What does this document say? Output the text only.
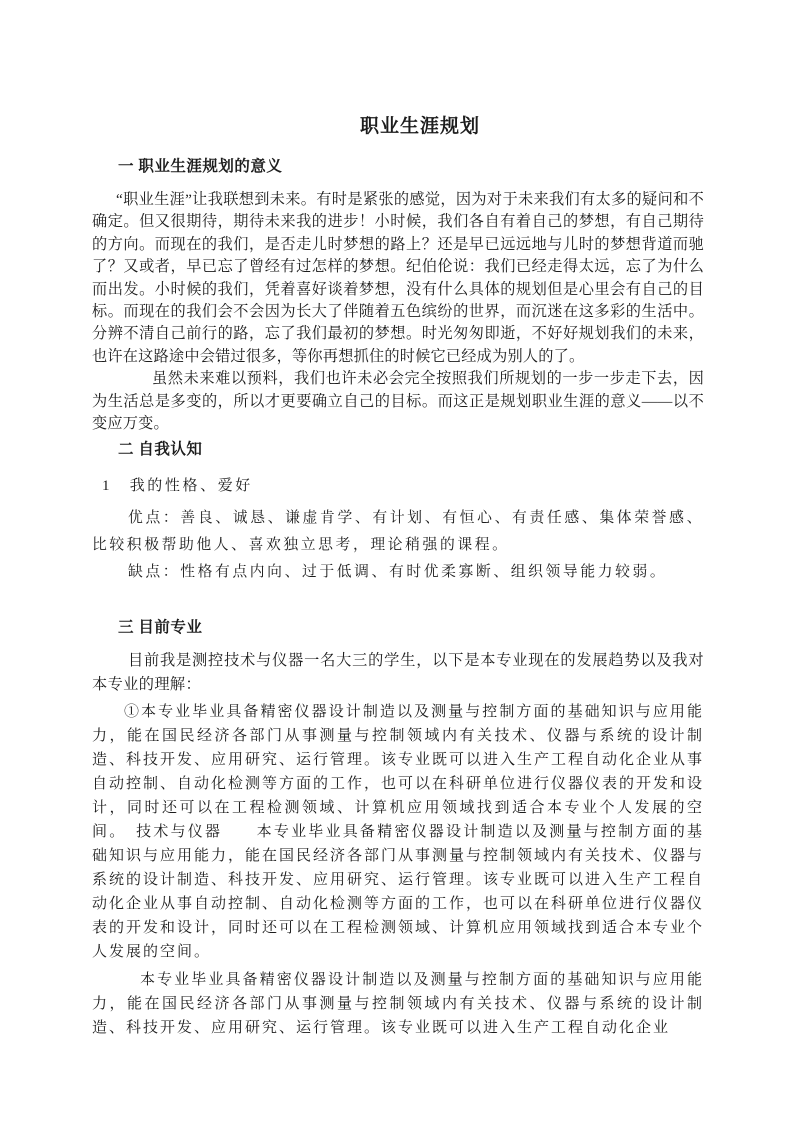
职业生涯规划
一 职业生涯规划的意义

“职业生涯”让我联想到未来。有时是紧张的感觉，因为对于未来我们有太多的疑问和不确定。但又很期待，期待未来我的进步！小时候，我们各自有着自己的梦想，有自己期待的方向。而现在的我们，是否走儿时梦想的路上？还是早已远远地与儿时的梦想背道而驰了？又或者，早已忘了曾经有过怎样的梦想。纪伯伦说：我们已经走得太远，忘了为什么而出发。小时候的我们，凭着喜好谈着梦想，没有什么具体的规划但是心里会有自己的目标。而现在的我们会不会因为长大了伴随着五色缤纷的世界，而沉迷在这多彩的生活中。分辨不清自己前行的路，忘了我们最初的梦想。时光匆匆即逝，不好好规划我们的未来，也许在这路途中会错过很多，等你再想抓住的时候它已经成为别人的了。

虽然未来难以预料，我们也许未必会完全按照我们所规划的一步一步走下去，因为生活总是多变的，所以才更要确立自己的目标。而这正是规划职业生涯的意义——以不变应万变。

二 自我认知
1　我的性格、爱好

优点：善良、诚恳、谦虚肯学、有计划、有恒心、有责任感、集体荣誉感、比较积极帮助他人、喜欢独立思考，理论稍强的课程。

缺点：性格有点内向、过于低调、有时优柔寡断、组织领导能力较弱。

三 目前专业

目前我是测控技术与仪器一名大三的学生，以下是本专业现在的发展趋势以及我对本专业的理解：

①本专业毕业具备精密仪器设计制造以及测量与控制方面的基础知识与应用能力，能在国民经济各部门从事测量与控制领域内有关技术、仪器与系统的设计制造、科技开发、应用研究、运行管理。该专业既可以进入生产工程自动化企业从事自动控制、自动化检测等方面的工作，也可以在科研单位进行仪器仪表的开发和设计，同时还可以在工程检测领域、计算机应用领域找到适合本专业个人发展的空间。　技术与仪器　　本专业毕业具备精密仪器设计制造以及测量与控制方面的基础知识与应用能力，能在国民经济各部门从事测量与控制领域内有关技术、仪器与系统的设计制造、科技开发、应用研究、运行管理。该专业既可以进入生产工程自动化企业从事自动控制、自动化检测等方面的工作，也可以在科研单位进行仪器仪表的开发和设计，同时还可以在工程检测领域、计算机应用领域找到适合本专业个人发展的空间。

本专业毕业具备精密仪器设计制造以及测量与控制方面的基础知识与应用能力，能在国民经济各部门从事测量与控制领域内有关技术、仪器与系统的设计制造、科技开发、应用研究、运行管理。该专业既可以进入生产工程自动化企业
